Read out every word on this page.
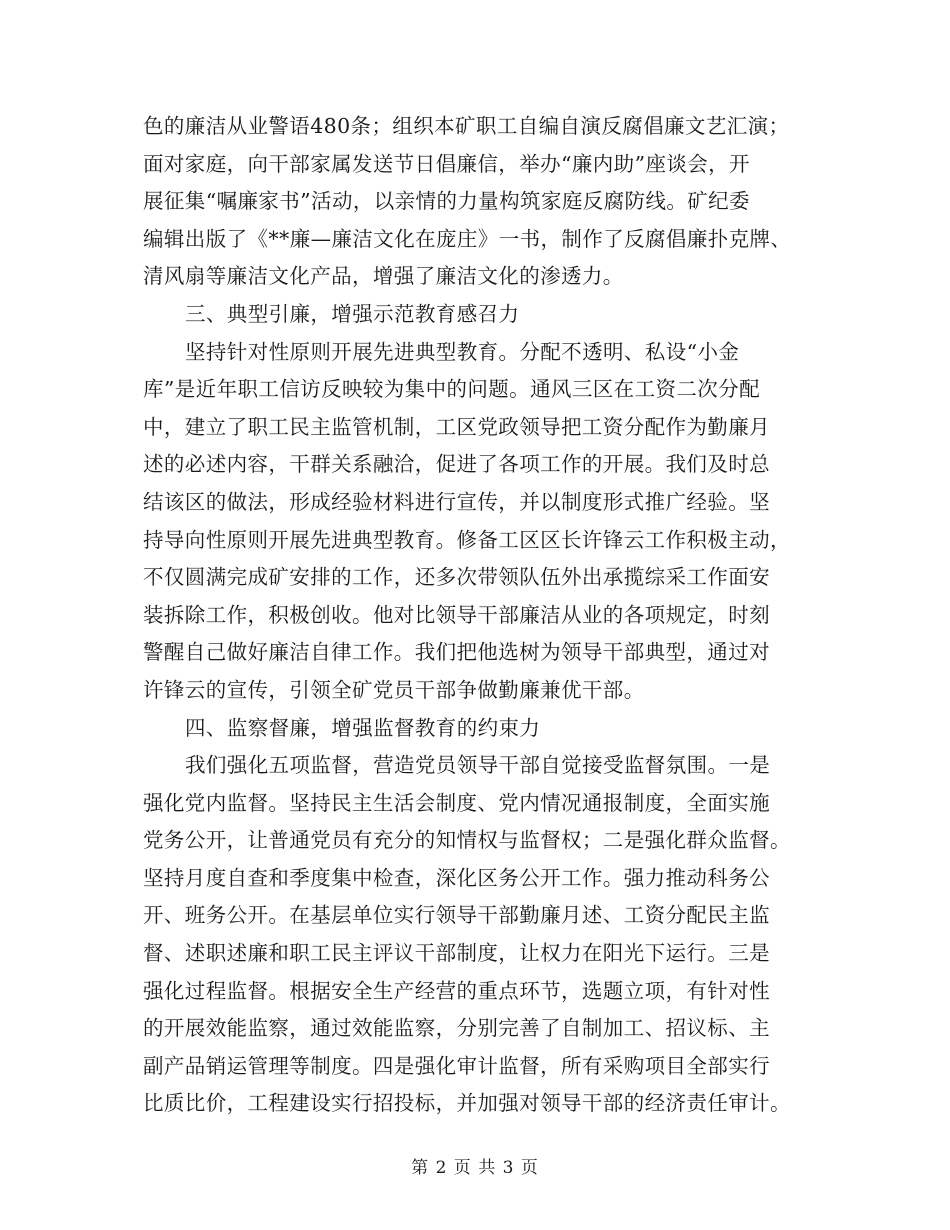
色的廉洁从业警语480条；组织本矿职工自编自演反腐倡廉文艺汇演；
面对家庭，向干部家属发送节日倡廉信，举办“廉内助”座谈会，开
展征集“嘱廉家书”活动，以亲情的力量构筑家庭反腐防线。矿纪委
编辑出版了《**廉—廉洁文化在庞庄》一书，制作了反腐倡廉扑克牌、
清风扇等廉洁文化产品，增强了廉洁文化的渗透力。
三、典型引廉，增强示范教育感召力
坚持针对性原则开展先进典型教育。分配不透明、私设“小金
库”是近年职工信访反映较为集中的问题。通风三区在工资二次分配
中，建立了职工民主监管机制，工区党政领导把工资分配作为勤廉月
述的必述内容，干群关系融洽，促进了各项工作的开展。我们及时总
结该区的做法，形成经验材料进行宣传，并以制度形式推广经验。坚
持导向性原则开展先进典型教育。修备工区区长许锋云工作积极主动，
不仅圆满完成矿安排的工作，还多次带领队伍外出承揽综采工作面安
装拆除工作，积极创收。他对比领导干部廉洁从业的各项规定，时刻
警醒自己做好廉洁自律工作。我们把他选树为领导干部典型，通过对
许锋云的宣传，引领全矿党员干部争做勤廉兼优干部。
四、监察督廉，增强监督教育的约束力
我们强化五项监督，营造党员领导干部自觉接受监督氛围。一是
强化党内监督。坚持民主生活会制度、党内情况通报制度，全面实施
党务公开，让普通党员有充分的知情权与监督权；二是强化群众监督。
坚持月度自查和季度集中检查，深化区务公开工作。强力推动科务公
开、班务公开。在基层单位实行领导干部勤廉月述、工资分配民主监
督、述职述廉和职工民主评议干部制度，让权力在阳光下运行。三是
强化过程监督。根据安全生产经营的重点环节，选题立项，有针对性
的开展效能监察，通过效能监察，分别完善了自制加工、招议标、主
副产品销运管理等制度。四是强化审计监督，所有采购项目全部实行
比质比价，工程建设实行招投标，并加强对领导干部的经济责任审计。
第 2 页 共 3 页
